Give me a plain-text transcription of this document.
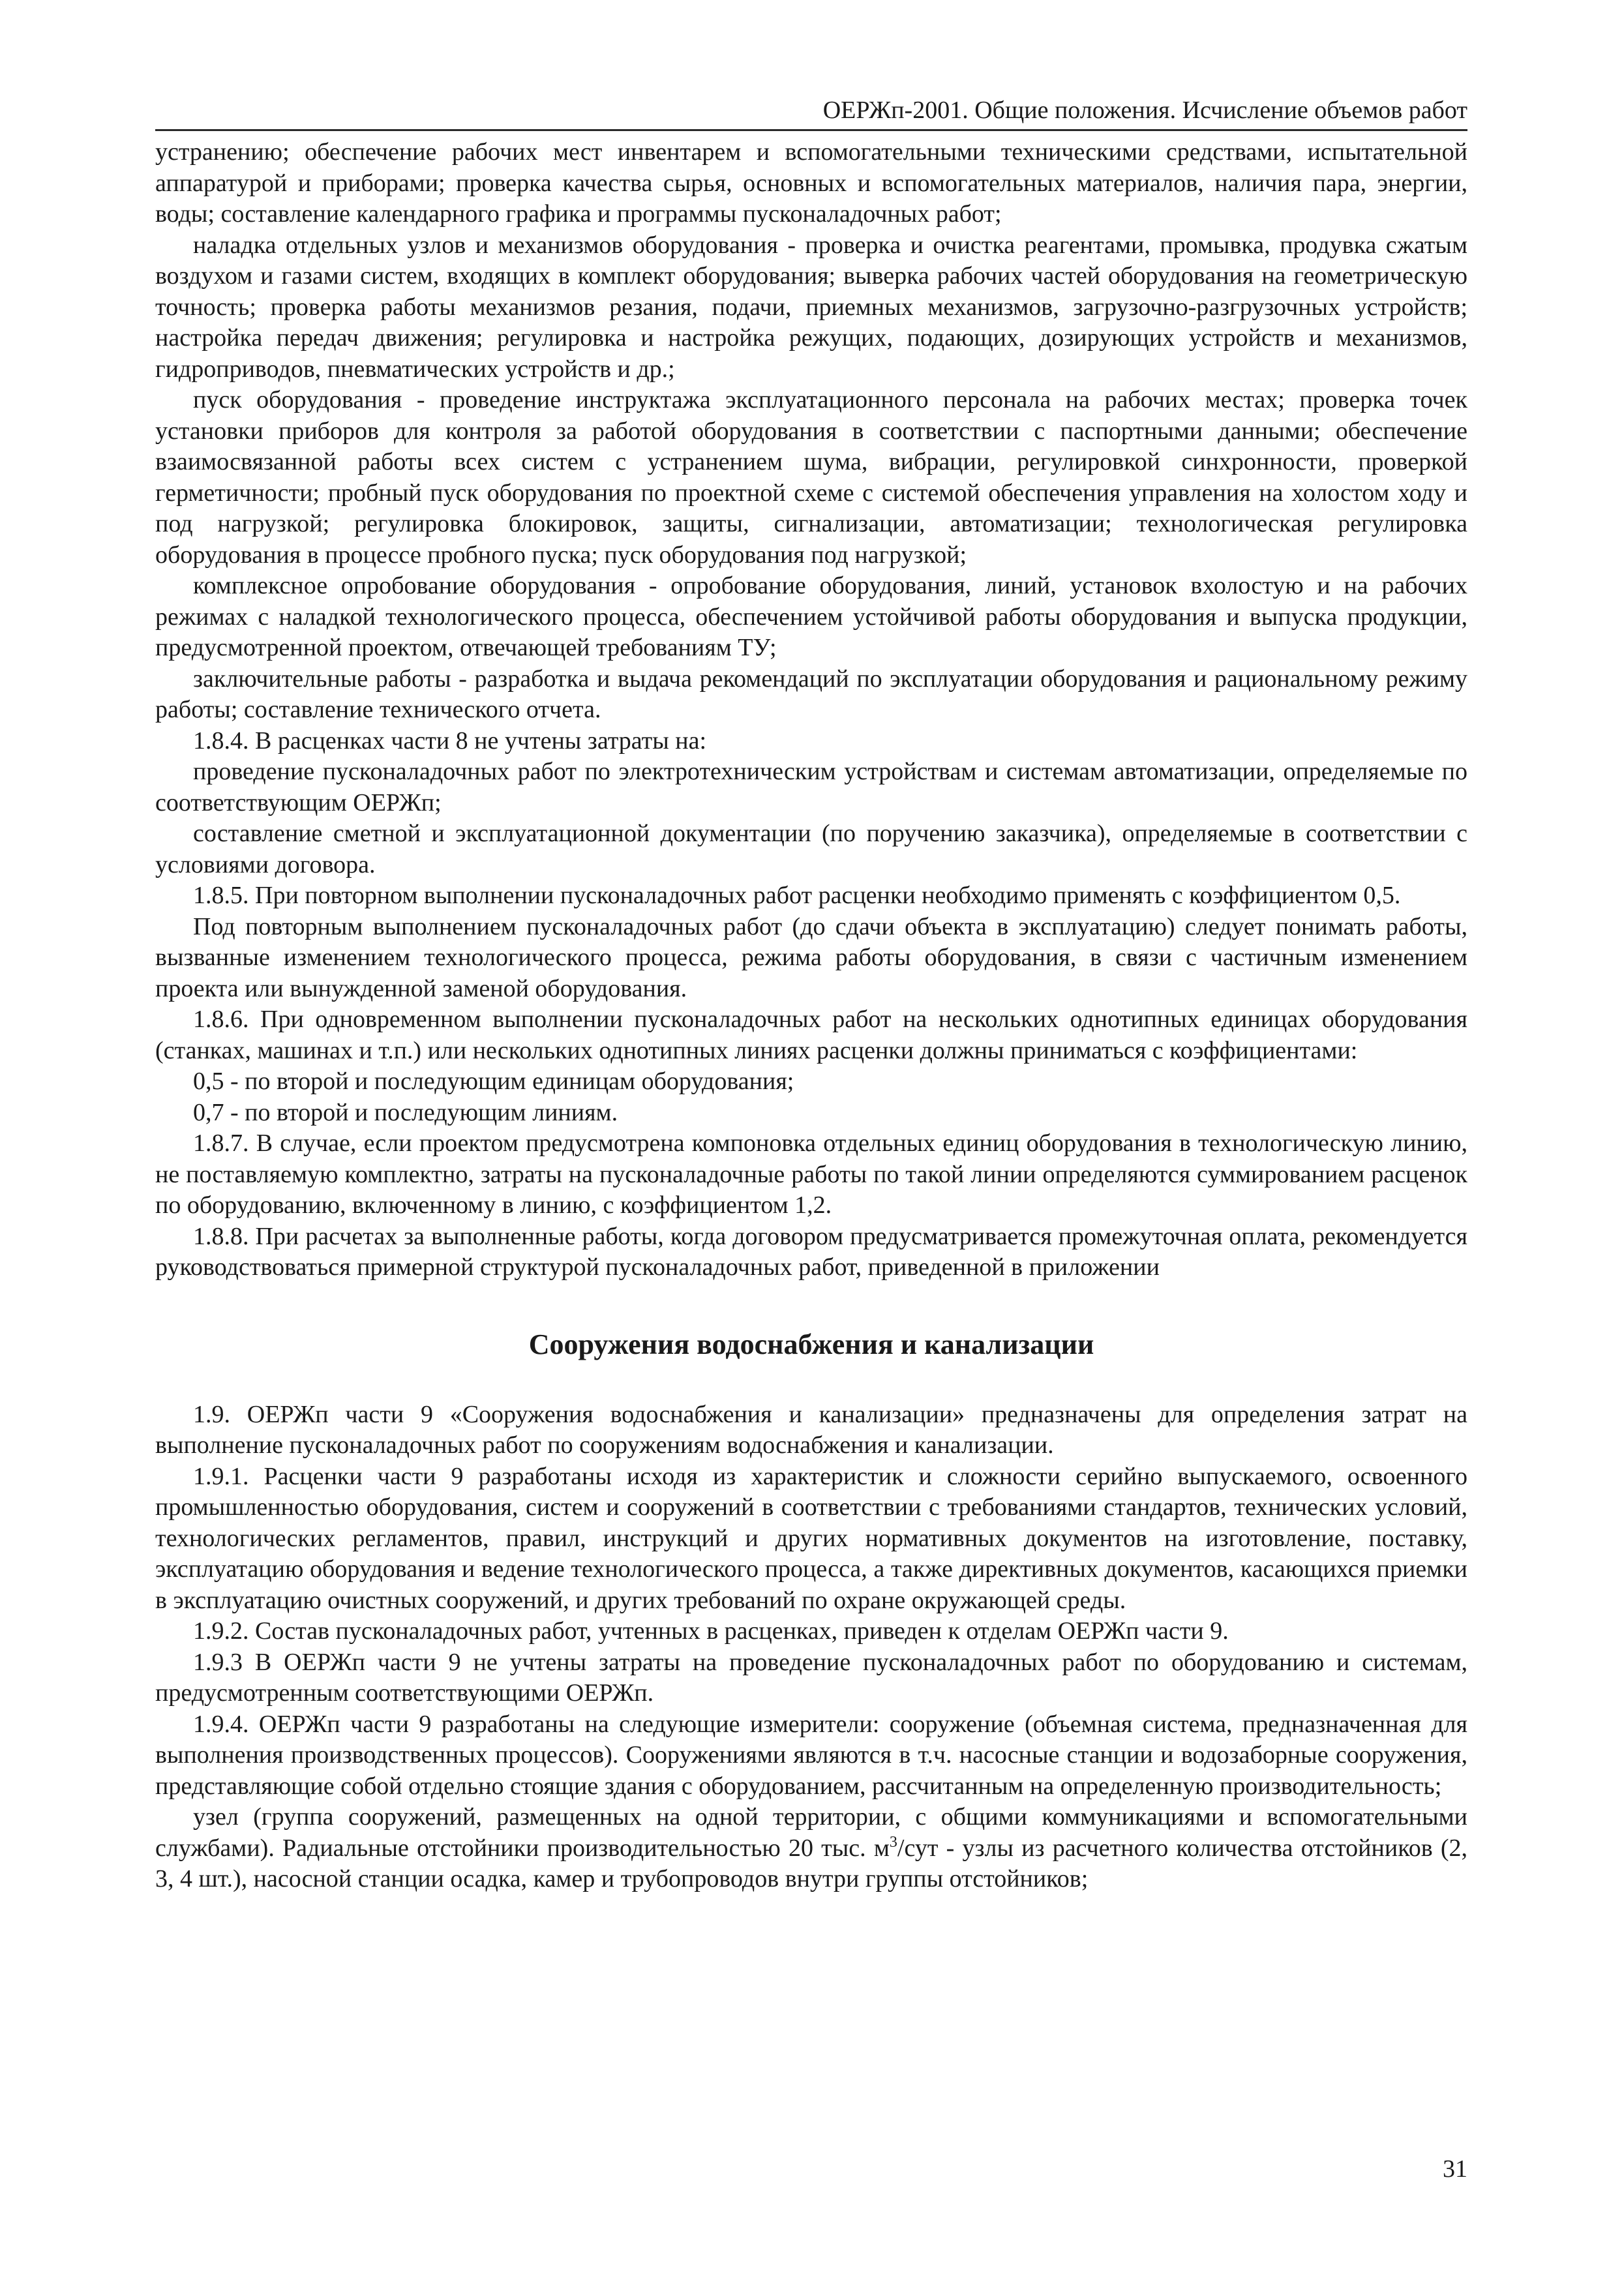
ОЕРЖп-2001. Общие положения. Исчисление объемов работ

устранению; обеспечение рабочих мест инвентарем и вспомогательными техническими средствами, испытательной аппаратурой и приборами; проверка качества сырья, основных и вспомогательных материалов, наличия пара, энергии, воды; составление календарного графика и программы пусконаладочных работ;

наладка отдельных узлов и механизмов оборудования - проверка и очистка реагентами, промывка, продувка сжатым воздухом и газами систем, входящих в комплект оборудования; выверка рабочих частей оборудования на геометрическую точность; проверка работы механизмов резания, подачи, приемных механизмов, загрузочно-разгрузочных устройств; настройка передач движения; регулировка и настройка режущих, подающих, дозирующих устройств и механизмов, гидроприводов, пневматических устройств и др.;

пуск оборудования - проведение инструктажа эксплуатационного персонала на рабочих местах; проверка точек установки приборов для контроля за работой оборудования в соответствии с паспортными данными; обеспечение взаимосвязанной работы всех систем с устранением шума, вибрации, регулировкой синхронности, проверкой герметичности; пробный пуск оборудования по проектной схеме с системой обеспечения управления на холостом ходу и под нагрузкой; регулировка блокировок, защиты, сигнализации, автоматизации; технологическая регулировка оборудования в процессе пробного пуска; пуск оборудования под нагрузкой;

комплексное опробование оборудования - опробование оборудования, линий, установок вхолостую и на рабочих режимах с наладкой технологического процесса, обеспечением устойчивой работы оборудования и выпуска продукции, предусмотренной проектом, отвечающей требованиям ТУ;

заключительные работы - разработка и выдача рекомендаций по эксплуатации оборудования и рациональному режиму работы; составление технического отчета.

1.8.4. В расценках части 8 не учтены затраты на:

проведение пусконаладочных работ по электротехническим устройствам и системам автоматизации, определяемые по соответствующим ОЕРЖп;

составление сметной и эксплуатационной документации (по поручению заказчика), определяемые в соответствии с условиями договора.

1.8.5. При повторном выполнении пусконаладочных работ расценки необходимо применять с коэффициентом 0,5.

Под повторным выполнением пусконаладочных работ (до сдачи объекта в эксплуатацию) следует понимать работы, вызванные изменением технологического процесса, режима работы оборудования, в связи с частичным изменением проекта или вынужденной заменой оборудования.

1.8.6. При одновременном выполнении пусконаладочных работ на нескольких однотипных единицах оборудования (станках, машинах и т.п.) или нескольких однотипных линиях расценки должны приниматься с коэффициентами:

0,5 - по второй и последующим единицам оборудования;

0,7 - по второй и последующим линиям.

1.8.7. В случае, если проектом предусмотрена компоновка отдельных единиц оборудования в технологическую линию, не поставляемую комплектно, затраты на пусконаладочные работы по такой линии определяются суммированием расценок по оборудованию, включенному в линию, с коэффициентом 1,2.

1.8.8. При расчетах за выполненные работы, когда договором предусматривается промежуточная оплата, рекомендуется руководствоваться примерной структурой пусконаладочных работ, приведенной в приложении

Сооружения водоснабжения и канализации

1.9. ОЕРЖп части 9 «Сооружения водоснабжения и канализации» предназначены для определения затрат на выполнение пусконаладочных работ по сооружениям водоснабжения и канализации.

1.9.1. Расценки части 9 разработаны исходя из характеристик и сложности серийно выпускаемого, освоенного промышленностью оборудования, систем и сооружений в соответствии с требованиями стандартов, технических условий, технологических регламентов, правил, инструкций и других нормативных документов на изготовление, поставку, эксплуатацию оборудования и ведение технологического процесса, а также директивных документов, касающихся приемки в эксплуатацию очистных сооружений, и других требований по охране окружающей среды.

1.9.2. Состав пусконаладочных работ, учтенных в расценках, приведен к отделам ОЕРЖп части 9.

1.9.3 В ОЕРЖп части 9 не учтены затраты на проведение пусконаладочных работ по оборудованию и системам, предусмотренным соответствующими ОЕРЖп.

1.9.4. ОЕРЖп части 9 разработаны на следующие измерители: сооружение (объемная система, предназначенная для выполнения производственных процессов). Сооружениями являются в т.ч. насосные станции и водозаборные сооружения, представляющие собой отдельно стоящие здания с оборудованием, рассчитанным на определенную производительность;

узел (группа сооружений, размещенных на одной территории, с общими коммуникациями и вспомогательными службами). Радиальные отстойники производительностью 20 тыс. $м^3$/сут - узлы из расчетного количества отстойников (2, 3, 4 шт.), насосной станции осадка, камер и трубопроводов внутри группы отстойников;

31
